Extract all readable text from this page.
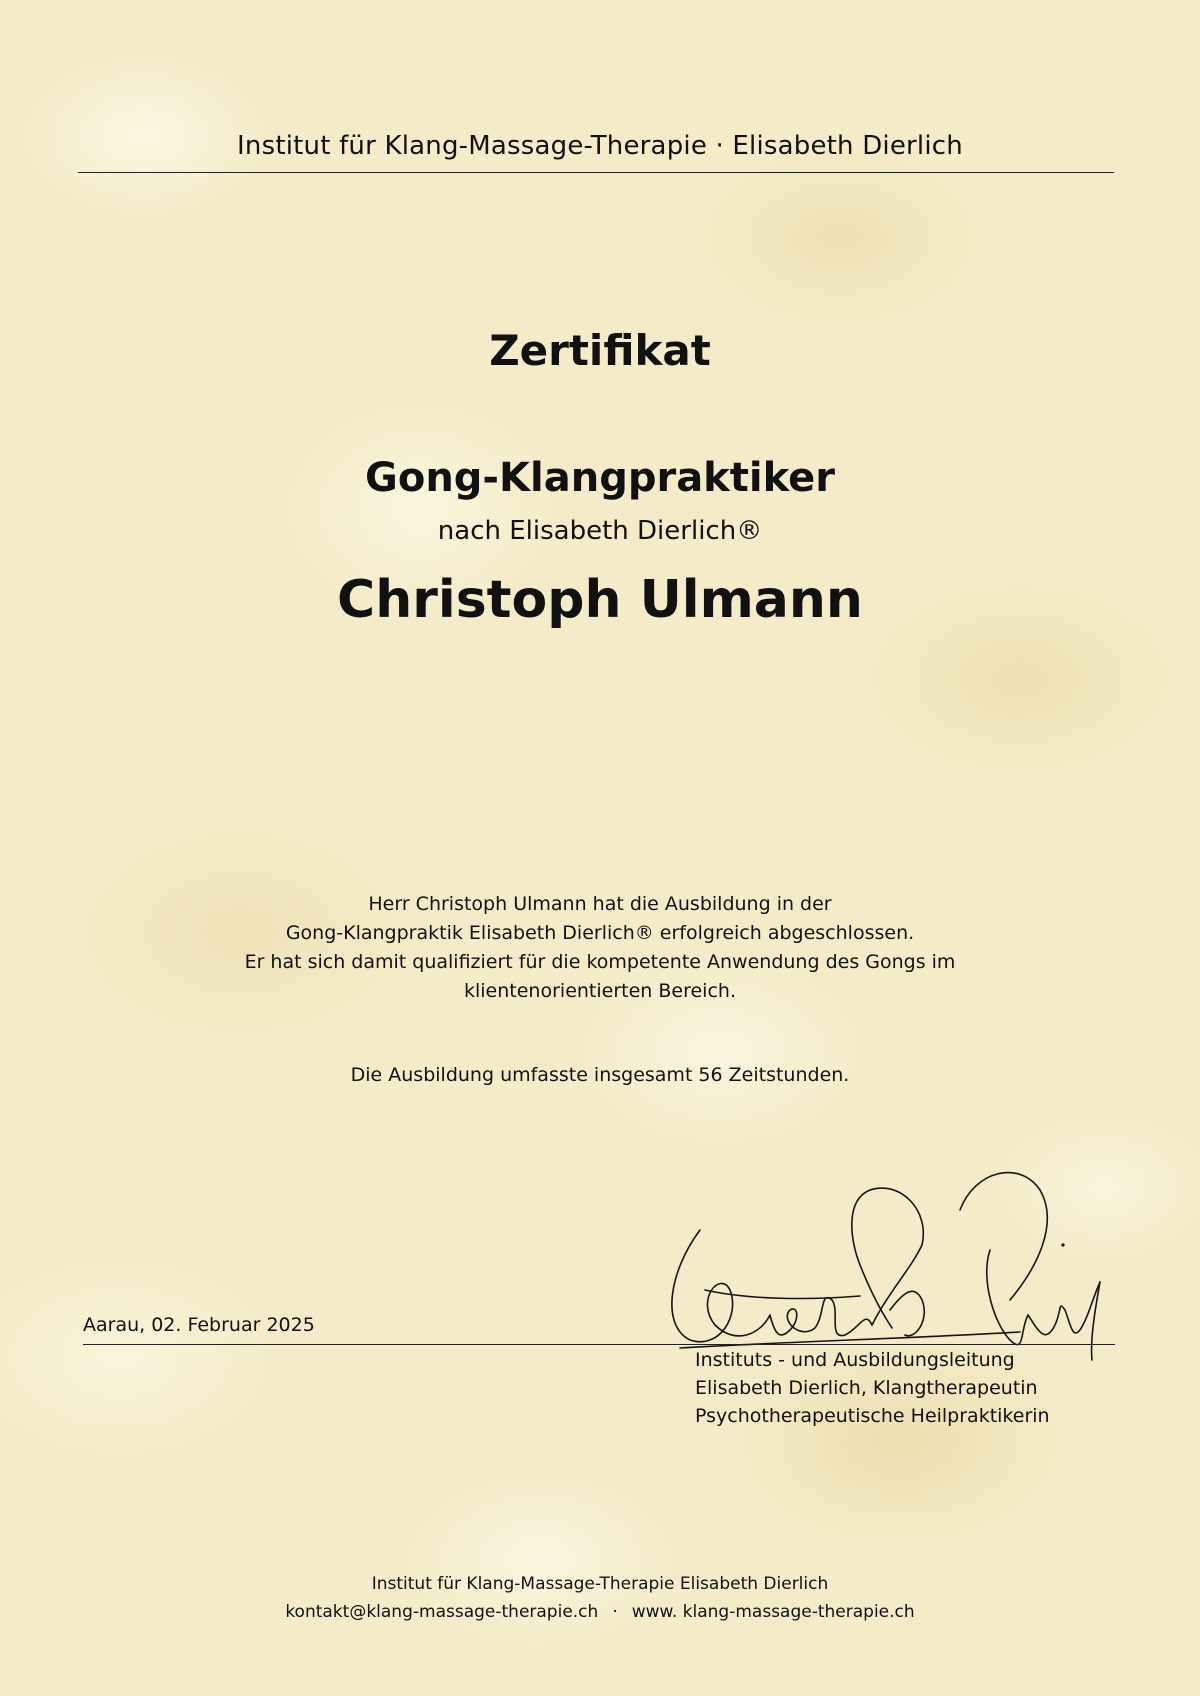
Institut für Klang-Massage-Therapie · Elisabeth Dierlich
Zertifikat
Gong-Klangpraktiker
nach Elisabeth Dierlich®
Christoph Ulmann
Herr Christoph Ulmann hat die Ausbildung in der
Gong-Klangpraktik Elisabeth Dierlich® erfolgreich abgeschlossen.
Er hat sich damit qualifiziert für die kompetente Anwendung des Gongs im
klientenorientierten Bereich.
Die Ausbildung umfasste insgesamt 56 Zeitstunden.
Aarau, 02. Februar 2025
Instituts - und Ausbildungsleitung
Elisabeth Dierlich, Klangtherapeutin
Psychotherapeutische Heilpraktikerin
Institut für Klang-Massage-Therapie Elisabeth Dierlich
kontakt@klang-massage-therapie.ch · www. klang-massage-therapie.ch
